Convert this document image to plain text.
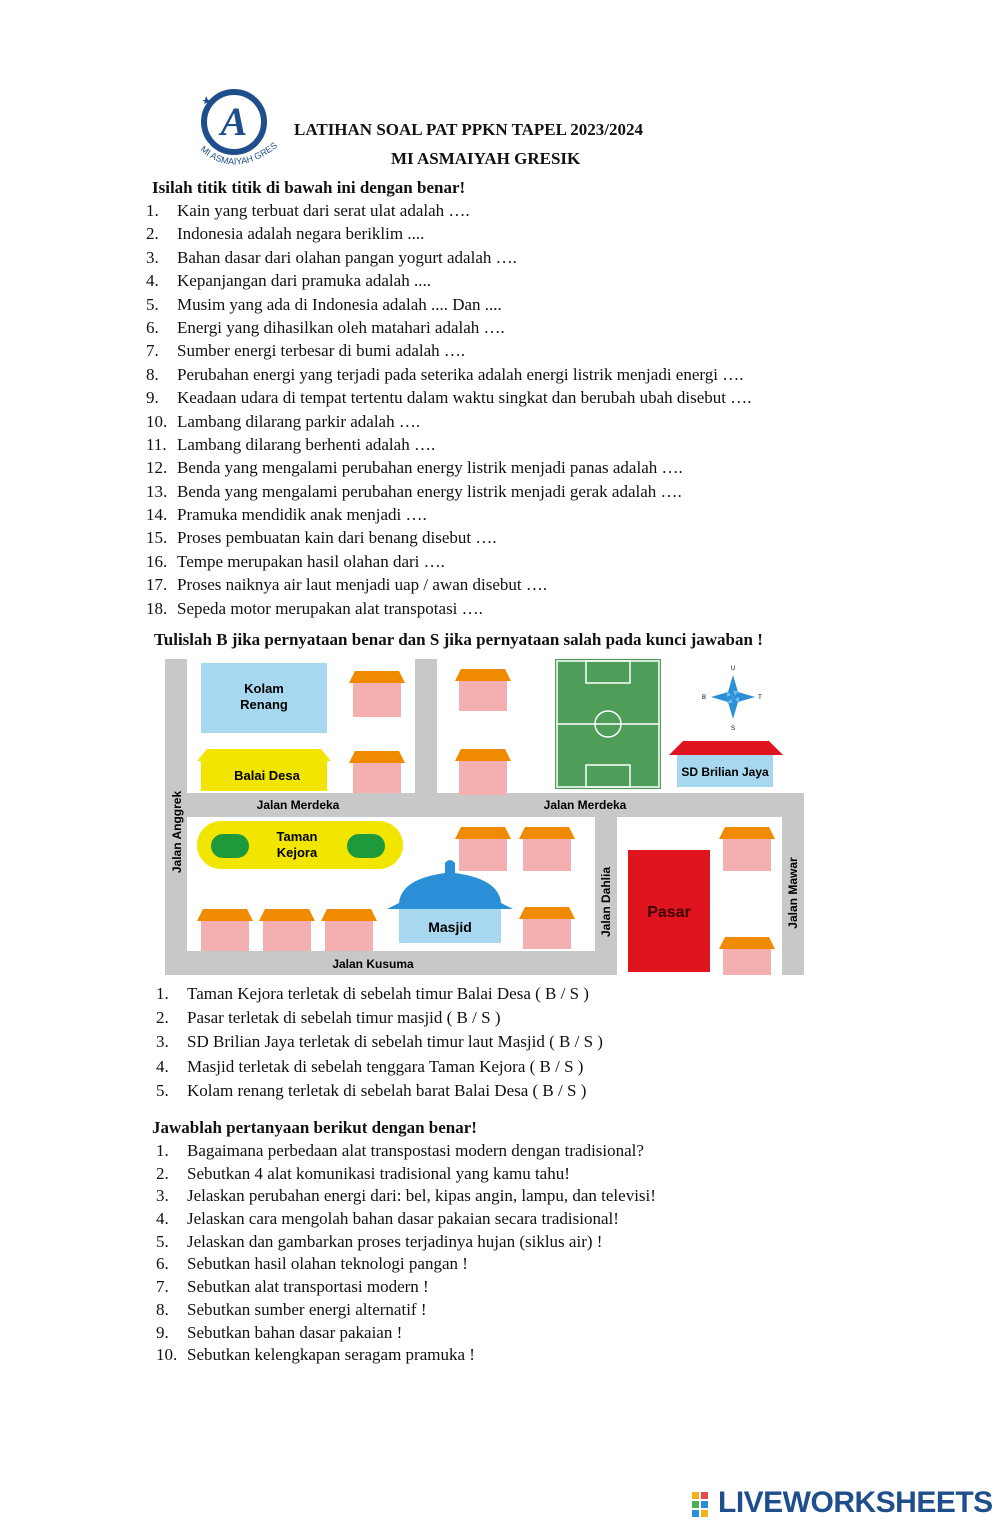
A
MI ASMAIYAH GRES
LATIHAN SOAL PAT PPKN TAPEL 2023/2024
MI ASMAIYAH GRESIK
Isilah titik titik di bawah ini dengan benar!
1. Kain yang terbuat dari serat ulat adalah ….
2. Indonesia adalah negara beriklim ....
3. Bahan dasar dari olahan pangan yogurt adalah ….
4. Kepanjangan dari pramuka adalah ....
5. Musim yang ada di Indonesia adalah .... Dan ....
6. Energi yang dihasilkan oleh matahari adalah ….
7. Sumber energi terbesar di bumi adalah ….
8. Perubahan energi yang terjadi pada seterika adalah energi listrik menjadi energi ….
9. Keadaan udara di tempat tertentu dalam waktu singkat dan berubah ubah disebut ….
10. Lambang dilarang parkir adalah ….
11. Lambang dilarang berhenti adalah ….
12. Benda yang mengalami perubahan energy listrik menjadi panas adalah ….
13. Benda yang mengalami perubahan energy listrik menjadi gerak adalah ….
14. Pramuka mendidik anak menjadi ….
15. Proses pembuatan kain dari benang disebut ….
16. Tempe merupakan hasil olahan dari ….
17. Proses naiknya air laut menjadi uap / awan disebut ….
18. Sepeda motor merupakan alat transpotasi ….
Tulislah B jika pernyataan benar dan S jika pernyataan salah pada kunci jawaban !
Kolam
Renang
Balai Desa
Taman
Kejora
U
S
T
B
SD Brilian Jaya
Masjid
Pasar
Jalan Merdeka	Jalan Merdeka
Jalan Kusuma
Jalan Anggrek
Jalan Dahlia	Jalan Mawar
1. Taman Kejora terletak di sebelah timur Balai Desa ( B / S )
2. Pasar terletak di sebelah timur masjid ( B / S )
3. SD Brilian Jaya terletak di sebelah timur laut Masjid ( B / S )
4. Masjid terletak di sebelah tenggara Taman Kejora ( B / S )
5. Kolam renang terletak di sebelah barat Balai Desa ( B / S )
Jawablah pertanyaan berikut dengan benar!
1. Bagaimana perbedaan alat transpostasi modern dengan tradisional?
2. Sebutkan 4 alat komunikasi tradisional yang kamu tahu!
3. Jelaskan perubahan energi dari: bel, kipas angin, lampu, dan televisi!
4. Jelaskan cara mengolah bahan dasar pakaian secara tradisional!
5. Jelaskan dan gambarkan proses terjadinya hujan (siklus air) !
6. Sebutkan hasil olahan teknologi pangan !
7. Sebutkan alat transportasi modern !
8. Sebutkan sumber energi alternatif !
9. Sebutkan bahan dasar pakaian !
10. Sebutkan kelengkapan seragam pramuka !
LIVEWORKSHEETS
